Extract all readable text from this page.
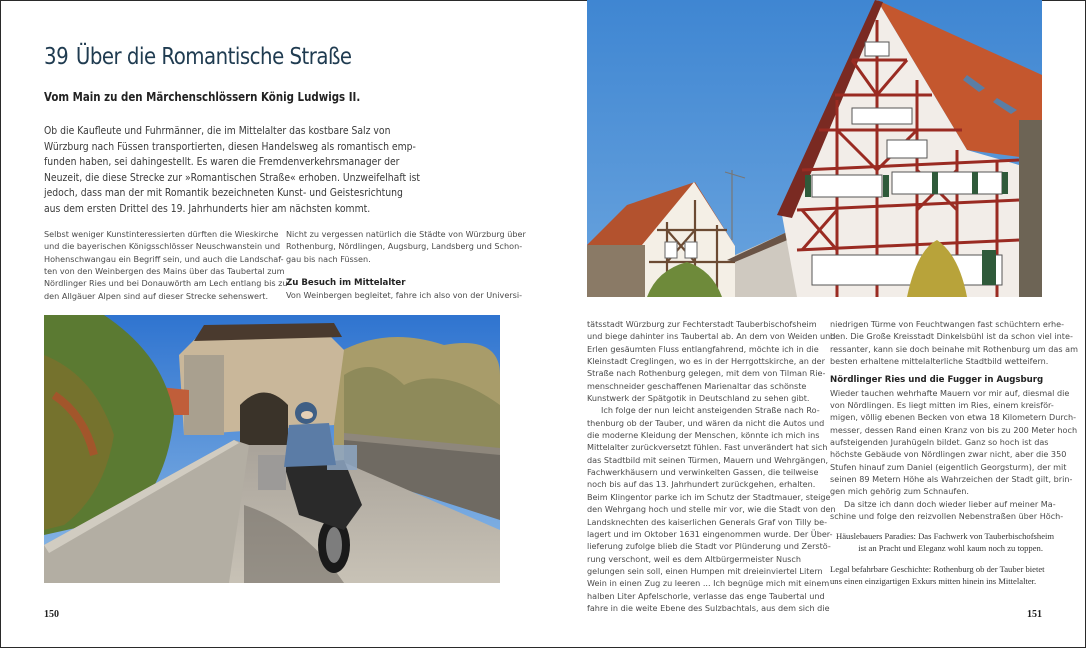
39 Über die Romantische Straße
Vom Main zu den Märchenschlössern König Ludwigs II.

Ob die Kaufleute und Fuhrmänner, die im Mittelalter das kostbare Salz von

Würzburg nach Füssen transportierten, diesen Handelsweg als romantisch emp-

funden haben, sei dahingestellt. Es waren die Fremdenverkehrsmanager der

Neuzeit, die diese Strecke zur »Romantischen Straße« erhoben. Unzweifelhaft ist

jedoch, dass man der mit Romantik bezeichneten Kunst- und Geistesrichtung

aus dem ersten Drittel des 19. Jahrhunderts hier am nächsten kommt.

Selbst weniger Kunstinteressierten dürften die Wieskirche

und die bayerischen Königsschlösser Neuschwanstein und

Hohenschwangau ein Begriff sein, und auch die Landschaf-

ten von den Weinbergen des Mains über das Taubertal zum

Nördlinger Ries und bei Donauwörth am Lech entlang bis zu

den Allgäuer Alpen sind auf dieser Strecke sehenswert.

Nicht zu vergessen natürlich die Städte von Würzburg über

Rothenburg, Nördlingen, Augsburg, Landsberg und Schon-

gau bis nach Füssen.

Zu Besuch im Mittelalter

Von Weinbergen begleitet, fahre ich also von der Universi-

150

tätsstadt Würzburg zur Fechterstadt Tauberbischofsheim

und biege dahinter ins Taubertal ab. An dem von Weiden und

Erlen gesäumten Fluss entlangfahrend, möchte ich in die

Kleinstadt Creglingen, wo es in der Herrgottskirche, an der

Straße nach Rothenburg gelegen, mit dem von Tilman Rie-

menschneider geschaffenen Marienaltar das schönste

Kunstwerk der Spätgotik in Deutschland zu sehen gibt.

Ich folge der nun leicht ansteigenden Straße nach Ro-

thenburg ob der Tauber, und wären da nicht die Autos und

die moderne Kleidung der Menschen, könnte ich mich ins

Mittelalter zurückversetzt fühlen. Fast unverändert hat sich

das Stadtbild mit seinen Türmen, Mauern und Wehrgängen,

Fachwerkhäusern und verwinkelten Gassen, die teilweise

noch bis auf das 13. Jahrhundert zurückgehen, erhalten.

Beim Klingentor parke ich im Schutz der Stadtmauer, steige

den Wehrgang hoch und stelle mir vor, wie die Stadt von den

Landsknechten des kaiserlichen Generals Graf von Tilly be-

lagert und im Oktober 1631 eingenommen wurde. Der Über-

lieferung zufolge blieb die Stadt vor Plünderung und Zerstö-

rung verschont, weil es dem Altbürgermeister Nusch

gelungen sein soll, einen Humpen mit dreieinviertel Litern

Wein in einen Zug zu leeren ... Ich begnüge mich mit einem

halben Liter Apfelschorle, verlasse das enge Taubertal und

fahre in die weite Ebene des Sulzbachtals, aus dem sich die

niedrigen Türme von Feuchtwangen fast schüchtern erhe-

ben. Die Große Kreisstadt Dinkelsbühl ist da schon viel inte-

ressanter, kann sie doch beinahe mit Rothenburg um das am

besten erhaltene mittelalterliche Stadtbild wetteifern.

Nördlinger Ries und die Fugger in Augsburg

Wieder tauchen wehrhafte Mauern vor mir auf, diesmal die

von Nördlingen. Es liegt mitten im Ries, einem kreisför-

migen, völlig ebenen Becken von etwa 18 Kilometern Durch-

messer, dessen Rand einen Kranz von bis zu 200 Meter hoch

aufsteigenden Jurahügeln bildet. Ganz so hoch ist das

höchste Gebäude von Nördlingen zwar nicht, aber die 350

Stufen hinauf zum Daniel (eigentlich Georgsturm), der mit

seinen 89 Metern Höhe als Wahrzeichen der Stadt gilt, brin-

gen mich gehörig zum Schnaufen.

Da sitze ich dann doch wieder lieber auf meiner Ma-

schine und folge den reizvollen Nebenstraßen über Höch-

Häuslebauers Paradies: Das Fachwerk von Tauberbischofsheim

ist an Pracht und Eleganz wohl kaum noch zu toppen.

Legal befahrbare Geschichte: Rothenburg ob der Tauber bietet

uns einen einzigartigen Exkurs mitten hinein ins Mittelalter.

151
